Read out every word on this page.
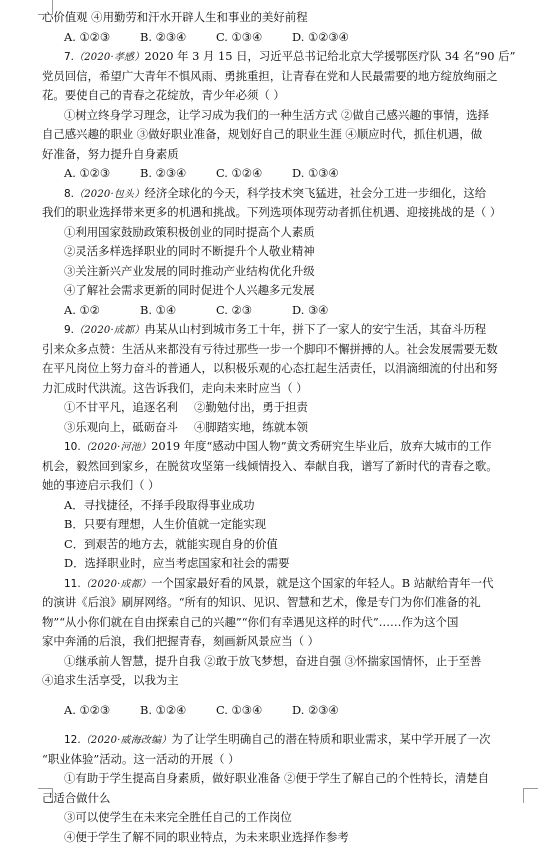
心价值观 ④用勤劳和汗水开辟人生和事业的美好前程
A. ①②③	B. ②③④	C. ①③④	D. ①②③④
7.（2020·孝感）2020 年 3 月 15 日，习近平总书记给北京大学援鄂医疗队 34 名“90 后”
党员回信，希望广大青年不惧风雨、勇挑重担，让青春在党和人民最需要的地方绽放绚丽之
花。要使自己的青春之花绽放，青少年必须（ ）
①树立终身学习理念，让学习成为我们的一种生活方式 ②做自己感兴趣的事情，选择
自己感兴趣的职业 ③做好职业准备，规划好自己的职业生涯 ④顺应时代，抓住机遇，做
好准备，努力提升自身素质
A. ①②③	B. ②③④	C. ①②④	D. ①③④
8.（2020·包头）经济全球化的今天，科学技术突飞猛进，社会分工进一步细化，这给
我们的职业选择带来更多的机遇和挑战。下列选项体现劳动者抓住机遇、迎接挑战的是（ ）
①利用国家鼓励政策积极创业的同时提高个人素质
②灵活多样选择职业的同时不断提升个人敬业精神
③关注新兴产业发展的同时推动产业结构优化升级
④了解社会需求更新的同时促进个人兴趣多元发展
A. ①②	B. ①④	C. ②③	D. ③④
9.（2020·成都）冉某从山村到城市务工十年，拼下了一家人的安宁生活，其奋斗历程
引来众多点赞：生活从来都没有亏待过那些一步一个脚印不懈拼搏的人。社会发展需要无数
在平凡岗位上努力奋斗的普通人，以积极乐观的心态扛起生活责任，以涓滴细流的付出和努
力汇成时代洪流。这告诉我们，走向未来时应当（ ）
①不甘平凡，追逐名利 ②勤勉付出，勇于担责
③乐观向上，砥砺奋斗 ④脚踏实地，练就本领
10.（2020·河池）2019 年度“感动中国人物”黄文秀研究生毕业后，放弃大城市的工作
机会，毅然回到家乡，在脱贫攻坚第一线倾情投入、奉献自我，谱写了新时代的青春之歌。
她的事迹启示我们（ ）
A．寻找捷径，不择手段取得事业成功
B．只要有理想，人生价值就一定能实现
C．到艰苦的地方去，就能实现自身的价值
D．选择职业时，应当考虑国家和社会的需要
11.（2020·成都）一个国家最好看的风景，就是这个国家的年轻人。B 站献给青年一代
的演讲《后浪》刷屏网络。“所有的知识、见识、智慧和艺术，像是专门为你们准备的礼
物”“从小你们就在自由探索自己的兴趣”“你们有幸遇见这样的时代”……作为这个国
家中奔涌的后浪，我们把握青春，刻画新风景应当（ ）
①继承前人智慧，提升自我 ②敢于放飞梦想，奋进自强 ③怀揣家国情怀，止于至善
④追求生活享受，以我为主
A. ①②③	B. ①②④	C. ①③④	D. ②③④
12.（2020·威海改编）为了让学生明确自己的潜在特质和职业需求，某中学开展了一次
“职业体验”活动。这一活动的开展（ ）
①有助于学生提高自身素质，做好职业准备 ②便于学生了解自己的个性特长，清楚自
己适合做什么
③可以使学生在未来完全胜任自己的工作岗位
④便于学生了解不同的职业特点，为未来职业选择作参考
